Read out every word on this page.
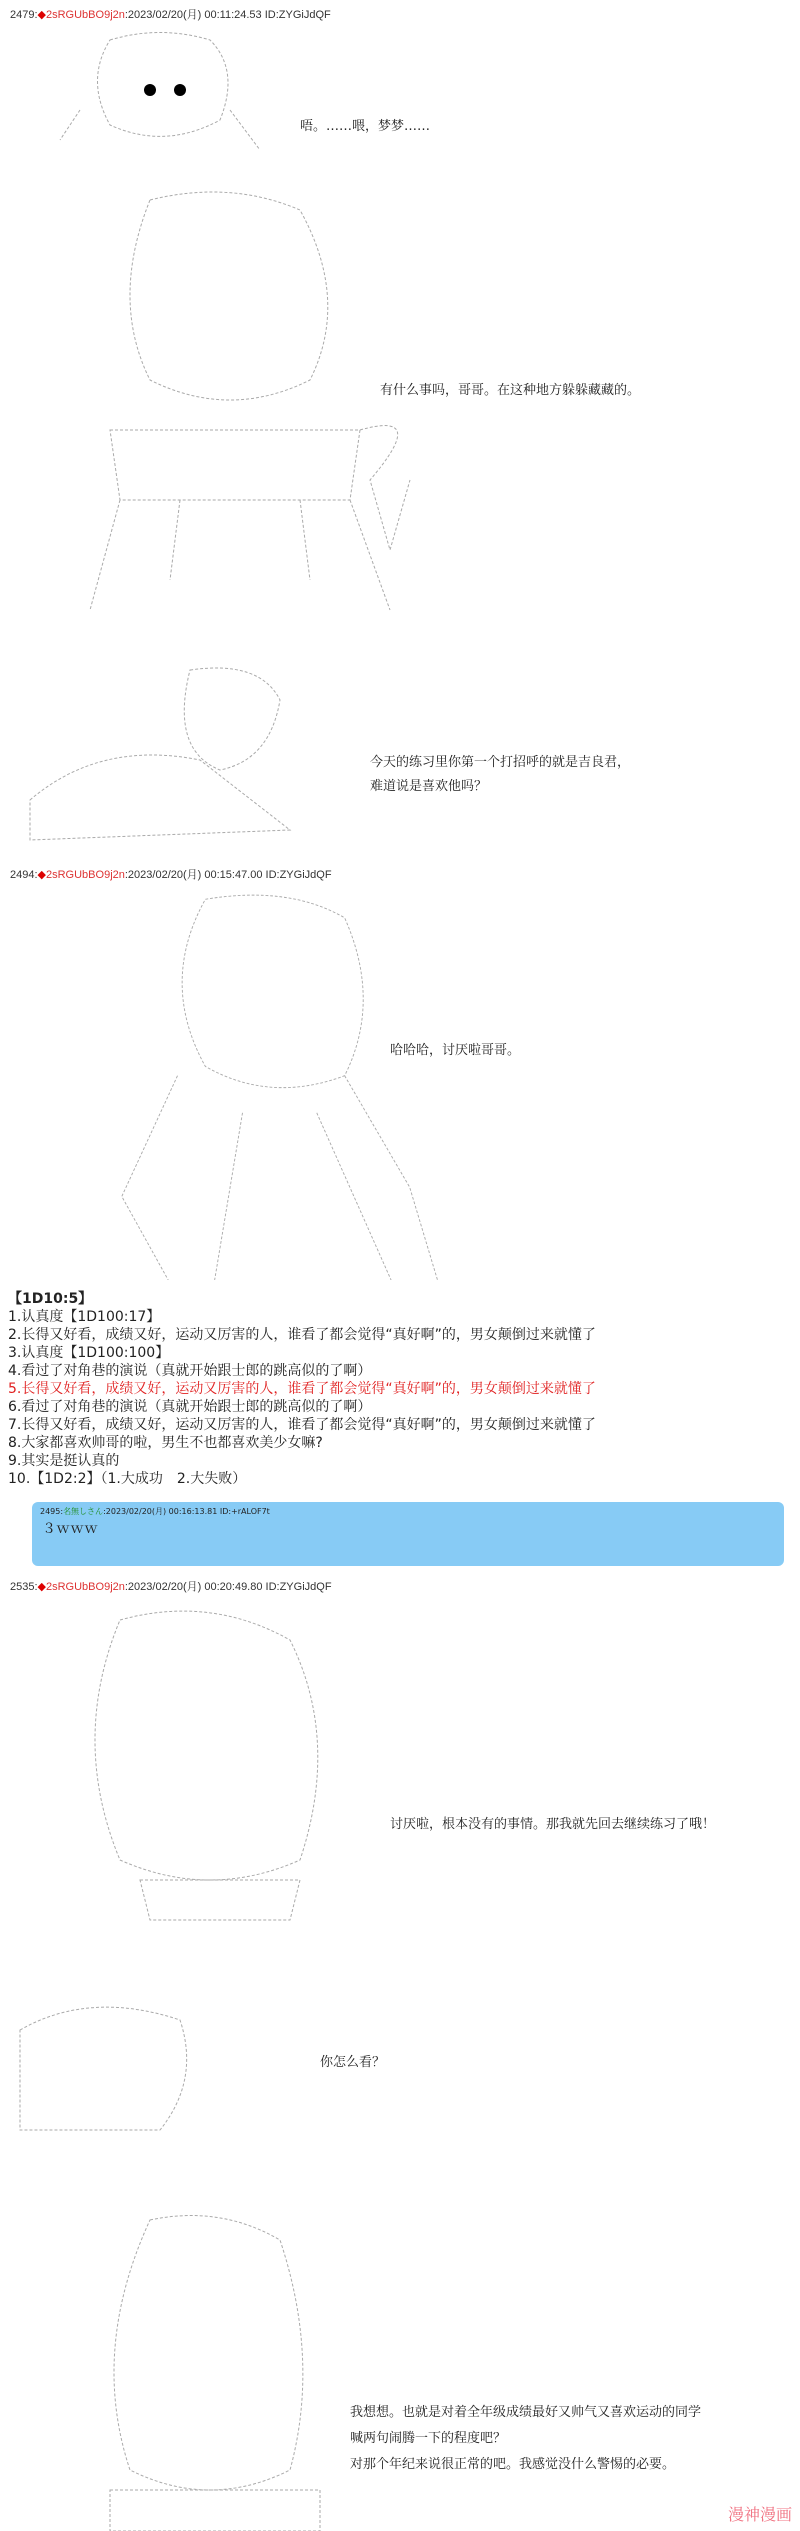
2479:◆2sRGUbBO9j2n:2023/02/20(月) 00:11:24.53 ID:ZYGiJdQF
唔。……喂，梦梦……
有什么事吗，哥哥。在这种地方躲躲藏藏的。
今天的练习里你第一个打招呼的就是吉良君，
难道说是喜欢他吗？
2494:◆2sRGUbBO9j2n:2023/02/20(月) 00:15:47.00 ID:ZYGiJdQF
哈哈哈，讨厌啦哥哥。
【1D10:5】
1.认真度【1D100:17】
2.长得又好看，成绩又好，运动又厉害的人，谁看了都会觉得“真好啊”的，男女颠倒过来就懂了
3.认真度【1D100:100】
4.看过了对角巷的演说（真就开始跟士郎的跳高似的了啊）
5.长得又好看，成绩又好，运动又厉害的人，谁看了都会觉得“真好啊”的，男女颠倒过来就懂了
6.看过了对角巷的演说（真就开始跟士郎的跳高似的了啊）
7.长得又好看，成绩又好，运动又厉害的人，谁看了都会觉得“真好啊”的，男女颠倒过来就懂了
8.大家都喜欢帅哥的啦，男生不也都喜欢美少女嘛?
9.其实是挺认真的
10.【1D2:2】（1.大成功　2.大失败）
2495:名無しさん:2023/02/20(月) 00:16:13.81 ID:+rALOF7t
３ｗｗｗ
2535:◆2sRGUbBO9j2n:2023/02/20(月) 00:20:49.80 ID:ZYGiJdQF
讨厌啦，根本没有的事情。那我就先回去继续练习了哦！
你怎么看？
我想想。也就是对着全年级成绩最好又帅气又喜欢运动的同学
喊两句闹腾一下的程度吧？
对那个年纪来说很正常的吧。我感觉没什么警惕的必要。
漫神漫画
